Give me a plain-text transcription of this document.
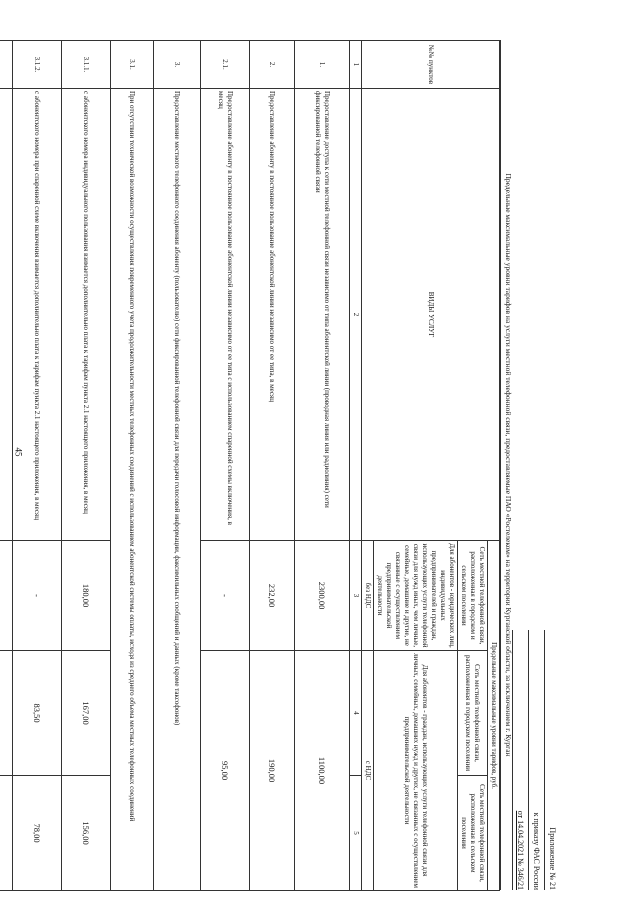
45
Приложение № 21
к приказу ФАС России
от 14.04.2021 № 346/21
Предельные максимальные уровни тарифов на услуги местной телефонной связи, предоставляемые ПАО «Ростелеком» на территории Курганской области, за исключением г. Курган
№№ пунктов	ВИДЫ УСЛУГ	Предельные максимальные уровни тарифов, руб.		
		Сеть местной телефонной связи, расположенная в городском и сельском поселении	Сеть местной телефонной связи, расположенная в городском поселении	Сеть местной телефонной связи, расположенная в сельском поселении
		Для абонентов - юридических лиц, индивидуальных предпринимателей и граждан, использующих услуги телефонной связи для нужд иных, чем личные, семейные, домашние и другие, не связанные с осуществлением предпринимательской деятельности	Для абонентов - граждан, использующих услуги телефонной связи для личных, семейных, домашних нужд и других, не связанных с осуществлением предпринимательской деятельности	
		без НДС	с НДС	
1	2	3	4	5
1.	Предоставление доступа к сети местной телефонной связи независимо от типа абонентской линии (проводная линия или радиолиния) сети фиксированной телефонной связи	2300,00	1100,00	
2.	Предоставление абоненту в постоянное пользование абонентской линии независимо от ее типа, в месяц	232,00	190,00	
2.1.	Предоставление абоненту в постоянное пользование абонентской линии независимо от ее типа с использованием спаренной схемы включения, в месяц	-	95,00	
3.	Предоставление местного телефонного соединения абоненту (пользователю) сети фиксированной телефонной связи для передачи голосовой информации, факсимильных сообщений и данных (кроме таксофонов)			
3.1.	При отсутствии технической возможности осуществления повременного учета продолжительности местных телефонных соединений с использованием абонентской системы оплаты, исходя из среднего объема местных телефонных соединений			
3.1.1.	с абонентского номера индивидуального пользования взимается дополнительно плата к тарифам пункта 2.1 настоящего приложения, в месяц	180,00	167,00	156,00
3.1.2.	с абонентского номера при спаренной схеме включения взимается дополнительно плата к тарифам пункта 2.1 настоящего приложения, в месяц	-	83,50	78,00
